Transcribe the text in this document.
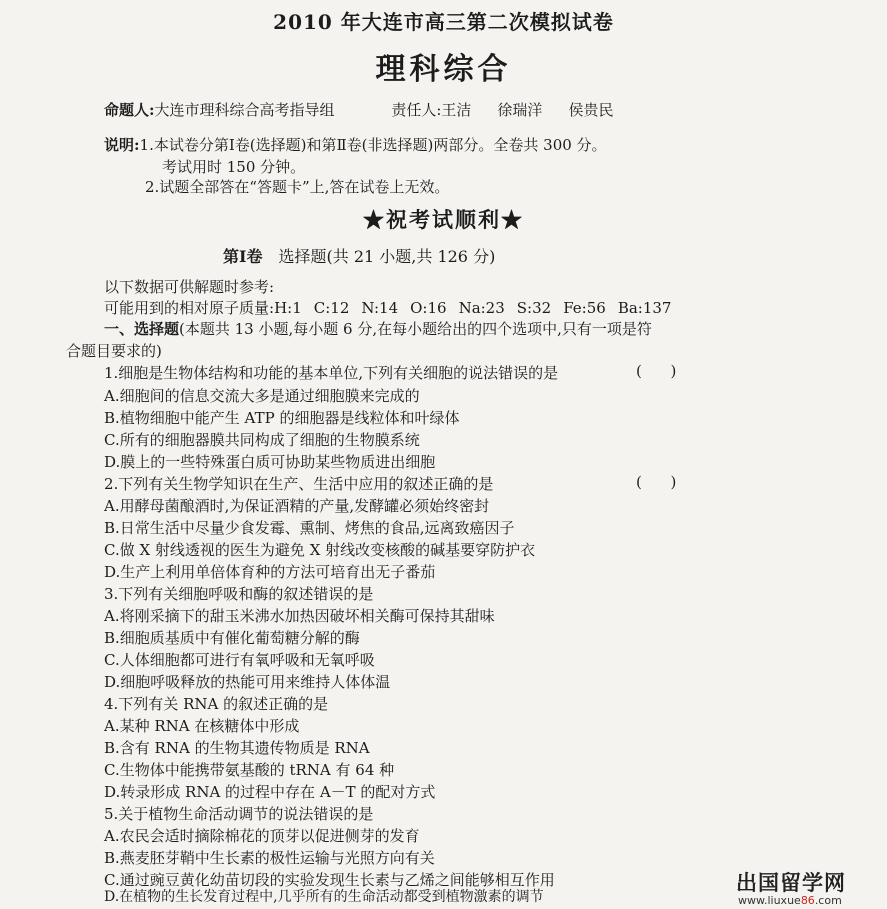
2010 年大连市高三第二次模拟试卷
理科综合
命题人:大连市理科综合高考指导组	责任人:王洁 徐瑞洋 侯贵民
说明:1.本试卷分第Ⅰ卷(选择题)和第Ⅱ卷(非选择题)两部分。全卷共 300 分。
考试用时 150 分钟。
2.试题全部答在“答题卡”上,答在试卷上无效。
★祝考试顺利★
第Ⅰ卷 选择题(共 21 小题,共 126 分)
以下数据可供解题时参考:
可能用到的相对原子质量:H:1 C:12 N:14 O:16 Na:23 S:32 Fe:56 Ba:137
一、选择题(本题共 13 小题,每小题 6 分,在每小题给出的四个选项中,只有一项是符
合题目要求的)
1.细胞是生物体结构和功能的基本单位,下列有关细胞的说法错误的是	(      )
A.细胞间的信息交流大多是通过细胞膜来完成的
B.植物细胞中能产生 ATP 的细胞器是线粒体和叶绿体
C.所有的细胞器膜共同构成了细胞的生物膜系统
D.膜上的一些特殊蛋白质可协助某些物质进出细胞
2.下列有关生物学知识在生产、生活中应用的叙述正确的是	(      )
A.用酵母菌酿酒时,为保证酒精的产量,发酵罐必须始终密封
B.日常生活中尽量少食发霉、熏制、烤焦的食品,远离致癌因子
C.做 X 射线透视的医生为避免 X 射线改变核酸的碱基要穿防护衣
D.生产上利用单倍体育种的方法可培育出无子番茄
3.下列有关细胞呼吸和酶的叙述错误的是
A.将刚采摘下的甜玉米沸水加热因破坏相关酶可保持其甜味
B.细胞质基质中有催化葡萄糖分解的酶
C.人体细胞都可进行有氧呼吸和无氧呼吸
D.细胞呼吸释放的热能可用来维持人体体温
4.下列有关 RNA 的叙述正确的是
A.某种 RNA 在核糖体中形成
B.含有 RNA 的生物其遗传物质是 RNA
C.生物体中能携带氨基酸的 tRNA 有 64 种
D.转录形成 RNA 的过程中存在 A－T 的配对方式
5.关于植物生命活动调节的说法错误的是
A.农民会适时摘除棉花的顶芽以促进侧芽的发育
B.燕麦胚芽鞘中生长素的极性运输与光照方向有关
C.通过豌豆黄化幼苗切段的实验发现生长素与乙烯之间能够相互作用
D.在植物的生长发育过程中,几乎所有的生命活动都受到植物激素的调节
出国留学网
www.liuxue86.com
